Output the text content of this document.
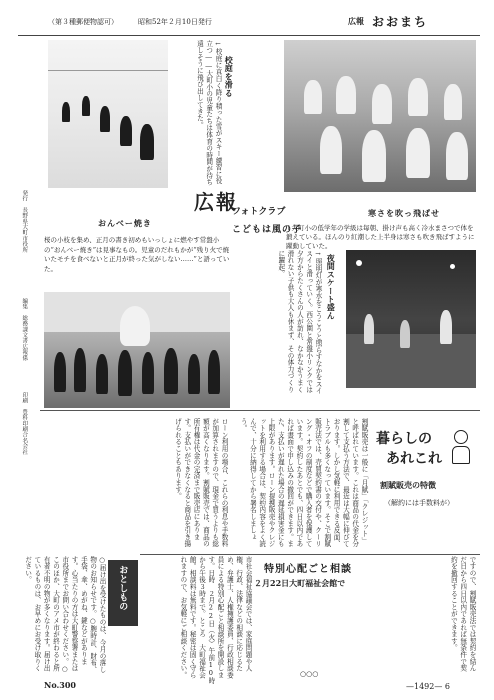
（第３種郵便物認可）	昭和52年２月10日発行	広報 おおまち
校庭を滑る
←校庭に真白く降り積った雪がスキー練習に役立つ――大町小の児童たちは体育の時間が待ち遠しそうに飛び出してきた。
寒さを吹っ飛ばせ
↑大町小の低学年の学級は毎朝、掛け声も高く冷水まさつで体を鍛えている。ほんのり紅潮した上半身は寒さも吹き飛ばすように躍動していた。
広報
フォトクラブ
こどもは風の子
発行　長野県大町市役所
編集　総務課文書広報係
印刷　豊科印刷合名会社
おんべー焼き
桜の小枝を集め、正月の書き初めもいっしょに燃やす常盤小の“おんべー焼き”は見事なもの。児童のだれもかが“残り火で焼いたモチを食べないと正月が終った気がしない……”と語っていた。	夜間スケート盛ん
→照明灯が寒水をこうこうと照らすなかをスイスイと滑っていく。西公園と常盤小リンクでは夕方からたくさんの人が訪れ、なかなかうまく滑れない子供も大人も休まず、その体力づくりに躍起。
暮らしの
あれこれ
割賦販売の特徴
（解約には手数料が）
割賦販売は一般に「月賦」「クレジット」と呼ばれています。これは商品の代金を分割して支払う方法で、最近は大幅に伸びております。しかし気軽に利用できる反面、トラブルも多くなっています。そこで割賦販売法では、売買契約書の交付や、クーリング・オフの制度などで購入者を保護しています。契約したあとでも、四日以内であれば書面で申し込みの撤回ができます。また、支払いが遅れた場合の遅延損害金にも上限があります。ローン提携販売やクレジットを利用する場合は、契約内容をよく読んで、十分に納得してから署名しましょう。
ローン利用の場合、これらの利息や手数料が加算されますので、現金で買うよりも総額が高くなります。割賦販売では、商品の所有権は代金の完済まで販売店にあります。支払いができなくなると商品を引き揚げられることもあります。
特別心配ごと相談
２月22日大町福祉会館で
市社会福祉協議会では、家庭問題や人権、行政、法律などの相談に応じるため、弁護士、人権擁護委員、行政相談委員による特別心配ごと相談所を開設します。日時　２月22日（火）午前10時から午後３時まで。ところ　大町福祉会館。相談料は無料です。秘密は固く守られますので、お気軽にご相談ください。
おとしもの
○届け出を受けたものは、今月の落し物のお知らせです。○腕時計、財布、手袋、傘、めがね、鍵などがあります。心当たりの方は大町警察署または市役所までお問い合わせください。○このほか、大町のアメ市が終わると所有者不明の物が多くなります。届け出ているものは、お早めにお受け取りください。
No.300
ですので、割賦販売法では契約を結んだ日から四日以内であれば無条件で契約を撤回することができます。
○○○
—1492— 6
